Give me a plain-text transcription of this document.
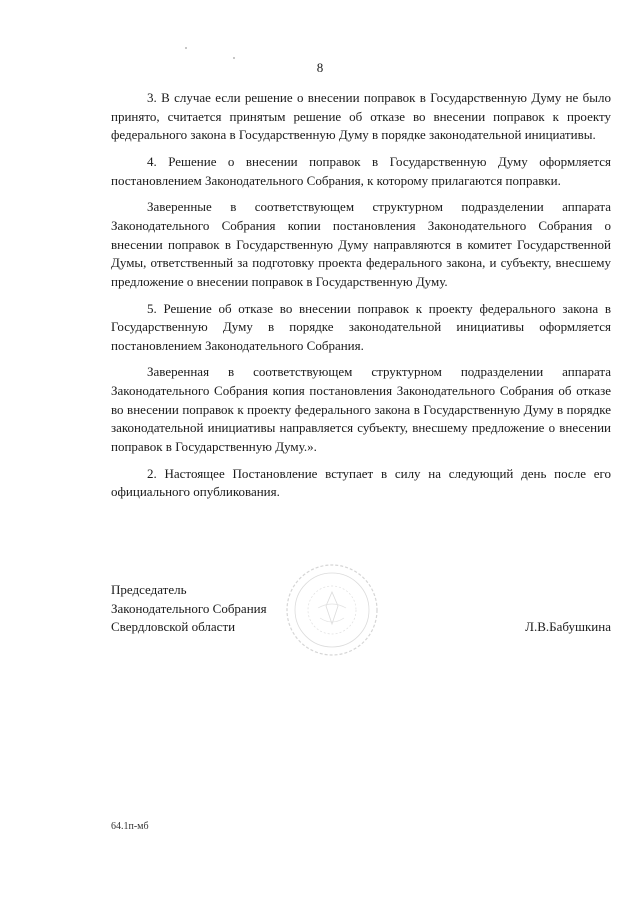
8

3. В случае если решение о внесении поправок в Государственную Думу не было принято, считается принятым решение об отказе во внесении поправок к проекту федерального закона в Государственную Думу в порядке законодательной инициативы.

4. Решение о внесении поправок в Государственную Думу оформляется постановлением Законодательного Собрания, к которому прилагаются поправки.

Заверенные в соответствующем структурном подразделении аппарата Законодательного Собрания копии постановления Законодательного Собрания о внесении поправок в Государственную Думу направляются в комитет Государственной Думы, ответственный за подготовку проекта федерального закона, и субъекту, внесшему предложение о внесении поправок в Государственную Думу.

5. Решение об отказе во внесении поправок к проекту федерального закона в Государственную Думу в порядке законодательной инициативы оформляется постановлением Законодательного Собрания.

Заверенная в соответствующем структурном подразделении аппарата Законодательного Собрания копия постановления Законодательного Собрания об отказе во внесении поправок к проекту федерального закона в Государственную Думу в порядке законодательной инициативы направляется субъекту, внесшему предложение о внесении поправок в Государственную Думу.».

2. Настоящее Постановление вступает в силу на следующий день после его официального опубликования.

Председатель
Законодательного Собрания
Свердловской области	Л.В.Бабушкина
64.1п-мб
